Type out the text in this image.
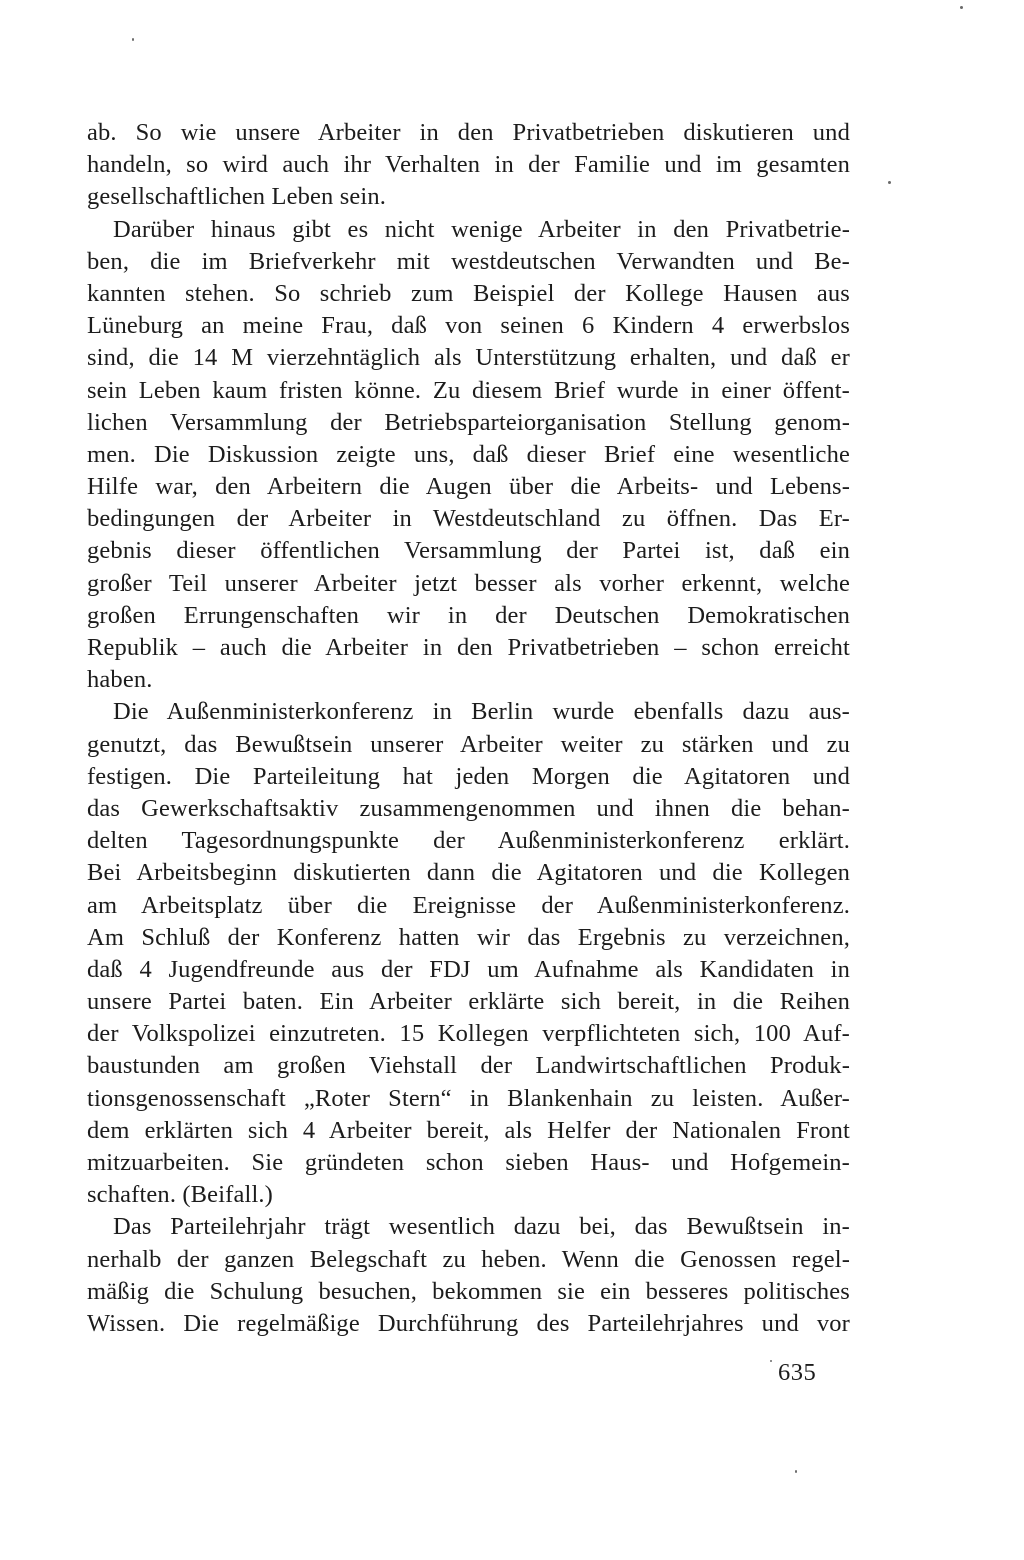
ab. So wie unsere Arbeiter in den Privatbetrieben diskutieren und
handeln, so wird auch ihr Verhalten in der Familie und im gesamten
gesellschaftlichen Leben sein.
Darüber hinaus gibt es nicht wenige Arbeiter in den Privatbetrie-
ben, die im Briefverkehr mit westdeutschen Verwandten und Be-
kannten stehen. So schrieb zum Beispiel der Kollege Hausen aus
Lüneburg an meine Frau, daß von seinen 6 Kindern 4 erwerbslos
sind, die 14 M vierzehntäglich als Unterstützung erhalten, und daß er
sein Leben kaum fristen könne. Zu diesem Brief wurde in einer öffent-
lichen Versammlung der Betriebsparteiorganisation Stellung genom-
men. Die Diskussion zeigte uns, daß dieser Brief eine wesentliche
Hilfe war, den Arbeitern die Augen über die Arbeits- und Lebens-
bedingungen der Arbeiter in Westdeutschland zu öffnen. Das Er-
gebnis dieser öffentlichen Versammlung der Partei ist, daß ein
großer Teil unserer Arbeiter jetzt besser als vorher erkennt, welche
großen Errungenschaften wir in der Deutschen Demokratischen
Republik – auch die Arbeiter in den Privatbetrieben – schon erreicht
haben.
Die Außenministerkonferenz in Berlin wurde ebenfalls dazu aus-
genutzt, das Bewußtsein unserer Arbeiter weiter zu stärken und zu
festigen. Die Parteileitung hat jeden Morgen die Agitatoren und
das Gewerkschaftsaktiv zusammengenommen und ihnen die behan-
delten Tagesordnungspunkte der Außenministerkonferenz erklärt.
Bei Arbeitsbeginn diskutierten dann die Agitatoren und die Kollegen
am Arbeitsplatz über die Ereignisse der Außenministerkonferenz.
Am Schluß der Konferenz hatten wir das Ergebnis zu verzeichnen,
daß 4 Jugendfreunde aus der FDJ um Aufnahme als Kandidaten in
unsere Partei baten. Ein Arbeiter erklärte sich bereit, in die Reihen
der Volkspolizei einzutreten. 15 Kollegen verpflichteten sich, 100 Auf-
baustunden am großen Viehstall der Landwirtschaftlichen Produk-
tionsgenossenschaft „Roter Stern“ in Blankenhain zu leisten. Außer-
dem erklärten sich 4 Arbeiter bereit, als Helfer der Nationalen Front
mitzuarbeiten. Sie gründeten schon sieben Haus- und Hofgemein-
schaften. (Beifall.)
Das Parteilehrjahr trägt wesentlich dazu bei, das Bewußtsein in-
nerhalb der ganzen Belegschaft zu heben. Wenn die Genossen regel-
mäßig die Schulung besuchen, bekommen sie ein besseres politisches
Wissen. Die regelmäßige Durchführung des Parteilehrjahres und vor
635
